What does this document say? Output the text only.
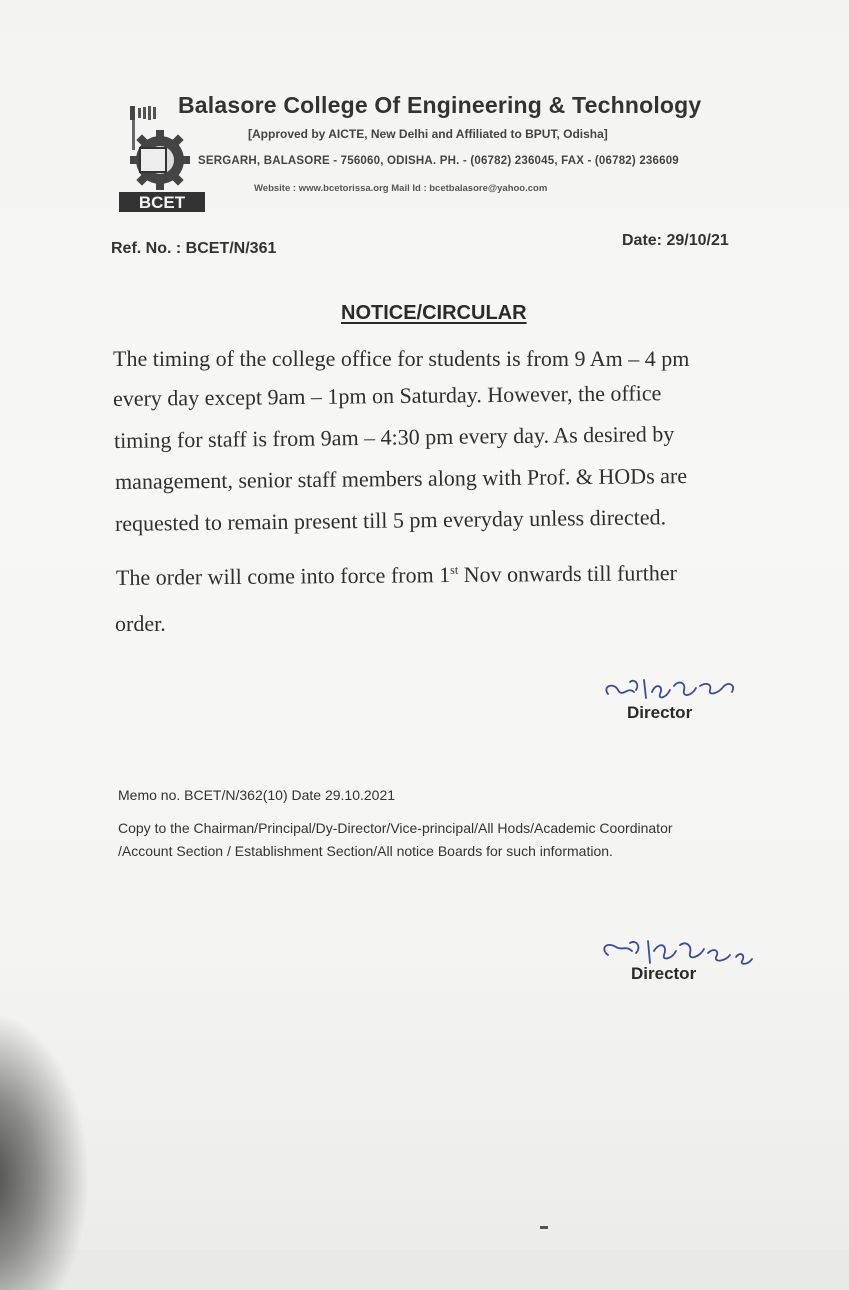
BCET
Balasore College Of Engineering & Technology
[Approved by AICTE, New Delhi and Affiliated to BPUT, Odisha]
SERGARH, BALASORE - 756060, ODISHA. PH. - (06782) 236045, FAX - (06782) 236609
Website : www.bcetorissa.org Mail Id : bcetbalasore@yahoo.com
Ref. No. : BCET/N/361	Date: 29/10/21
NOTICE/CIRCULAR
The timing of the college office for students is from 9 Am – 4 pm
every day except 9am – 1pm on Saturday. However, the office
timing for staff is from 9am – 4:30 pm every day. As desired by
management, senior staff members along with Prof. & HODs are
requested to remain present till 5 pm everyday unless directed.
The order will come into force from 1st Nov onwards till further
order.
Director
Memo no. BCET/N/362(10) Date 29.10.2021
Copy to the Chairman/Principal/Dy-Director/Vice-principal/All Hods/Academic Coordinator
/Account Section / Establishment Section/All notice Boards for such information.
Director
